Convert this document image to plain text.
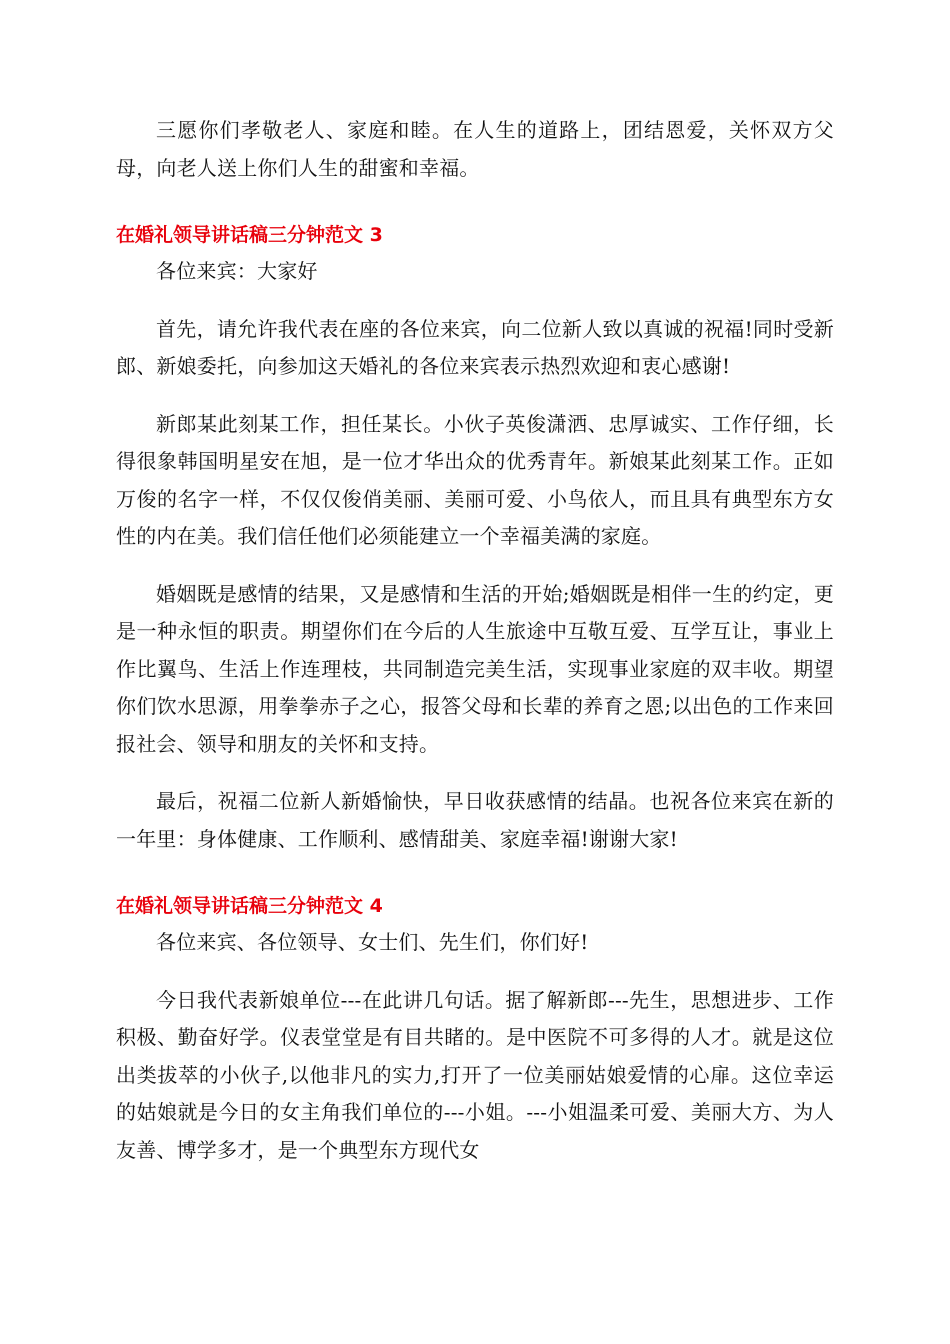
三愿你们孝敬老人、家庭和睦。在人生的道路上，团结恩爱，关怀双方父母，向老人送上你们人生的甜蜜和幸福。

在婚礼领导讲话稿三分钟范文 3

各位来宾：大家好

首先，请允许我代表在座的各位来宾，向二位新人致以真诚的祝福!同时受新郎、新娘委托，向参加这天婚礼的各位来宾表示热烈欢迎和衷心感谢!

新郎某此刻某工作，担任某长。小伙子英俊潇洒、忠厚诚实、工作仔细，长得很象韩国明星安在旭，是一位才华出众的优秀青年。新娘某此刻某工作。正如万俊的名字一样，不仅仅俊俏美丽、美丽可爱、小鸟依人，而且具有典型东方女性的内在美。我们信任他们必须能建立一个幸福美满的家庭。

婚姻既是感情的结果，又是感情和生活的开始;婚姻既是相伴一生的约定，更是一种永恒的职责。期望你们在今后的人生旅途中互敬互爱、互学互让，事业上作比翼鸟、生活上作连理枝，共同制造完美生活，实现事业家庭的双丰收。期望你们饮水思源，用拳拳赤子之心，报答父母和长辈的养育之恩;以出色的工作来回报社会、领导和朋友的关怀和支持。

最后，祝福二位新人新婚愉快，早日收获感情的结晶。也祝各位来宾在新的一年里：身体健康、工作顺利、感情甜美、家庭幸福!谢谢大家!

在婚礼领导讲话稿三分钟范文 4

各位来宾、各位领导、女士们、先生们，你们好!

今日我代表新娘单位---在此讲几句话。据了解新郎---先生，思想进步、工作积极、勤奋好学。仪表堂堂是有目共睹的。是中医院不可多得的人才。就是这位出类拔萃的小伙子,以他非凡的实力,打开了一位美丽姑娘爱情的心扉。这位幸运的姑娘就是今日的女主角我们单位的---小姐。---小姐温柔可爱、美丽大方、为人友善、博学多才，是一个典型东方现代女
